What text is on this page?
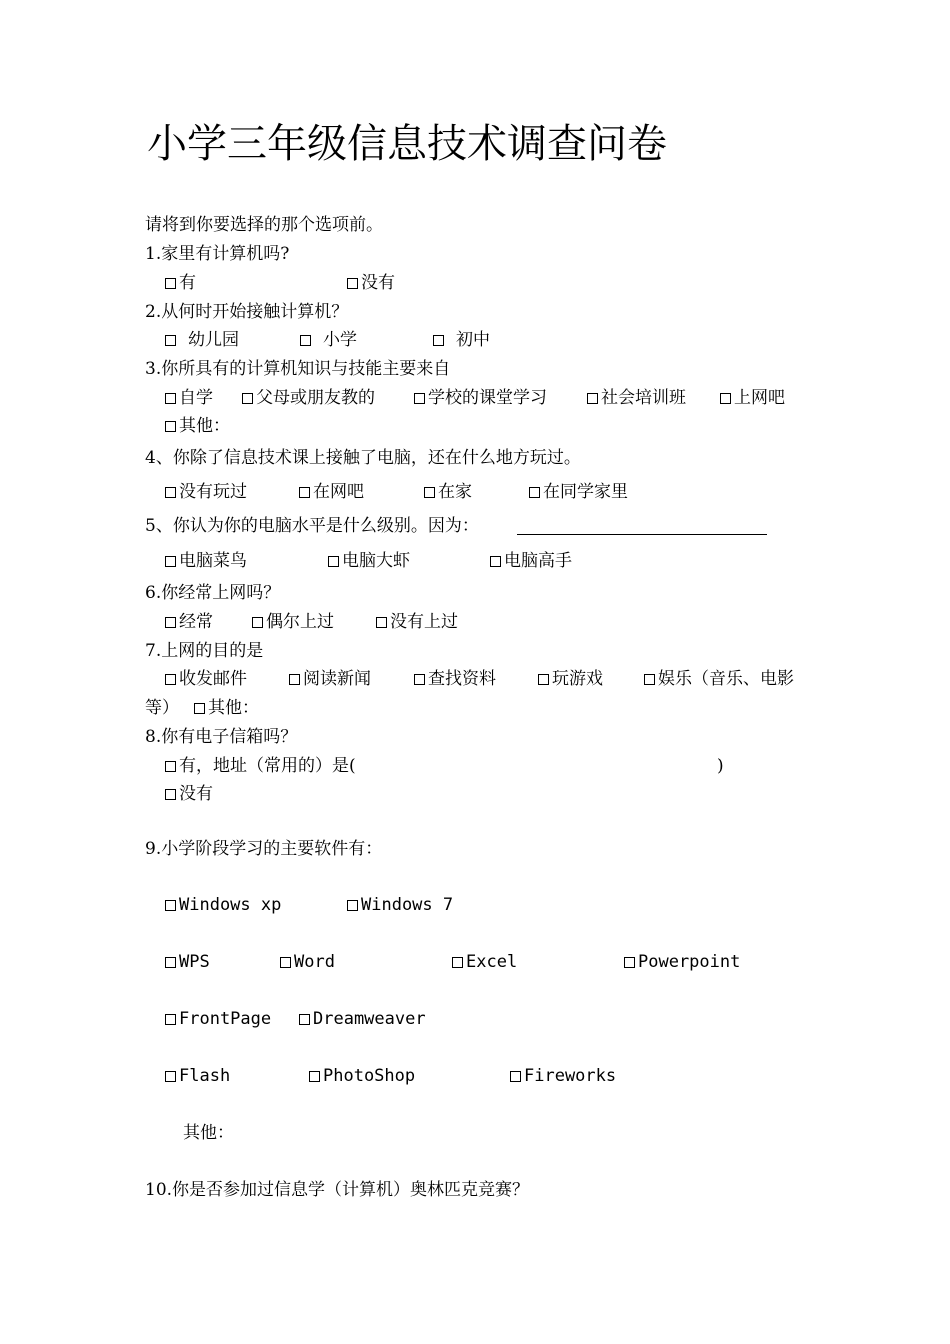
小学三年级信息技术调查问卷
请将到你要选择的那个选项前。
1.家里有计算机吗?
有	没有
2.从何时开始接触计算机？
幼儿园	小学	初中
3.你所具有的计算机知识与技能主要来自
自学	父母或朋友教的	学校的课堂学习	社会培训班	上网吧
其他：
4、你除了信息技术课上接触了电脑，还在什么地方玩过。
没有玩过	在网吧	在家	在同学家里
5、你认为你的电脑水平是什么级别。因为：
电脑菜鸟	电脑大虾	电脑高手
6.你经常上网吗？
经常	偶尔上过	没有上过
7.上网的目的是
收发邮件	阅读新闻	查找资料	玩游戏	娱乐（音乐、电影
等）	其他：
8.你有电子信箱吗？
有，地址（常用的）是(	)
没有
9.小学阶段学习的主要软件有：
Windows xp	Windows 7
WPS	Word	Excel	Powerpoint
FrontPage	Dreamweaver
Flash	PhotoShop	Fireworks
其他：
10.你是否参加过信息学（计算机）奥林匹克竞赛？
